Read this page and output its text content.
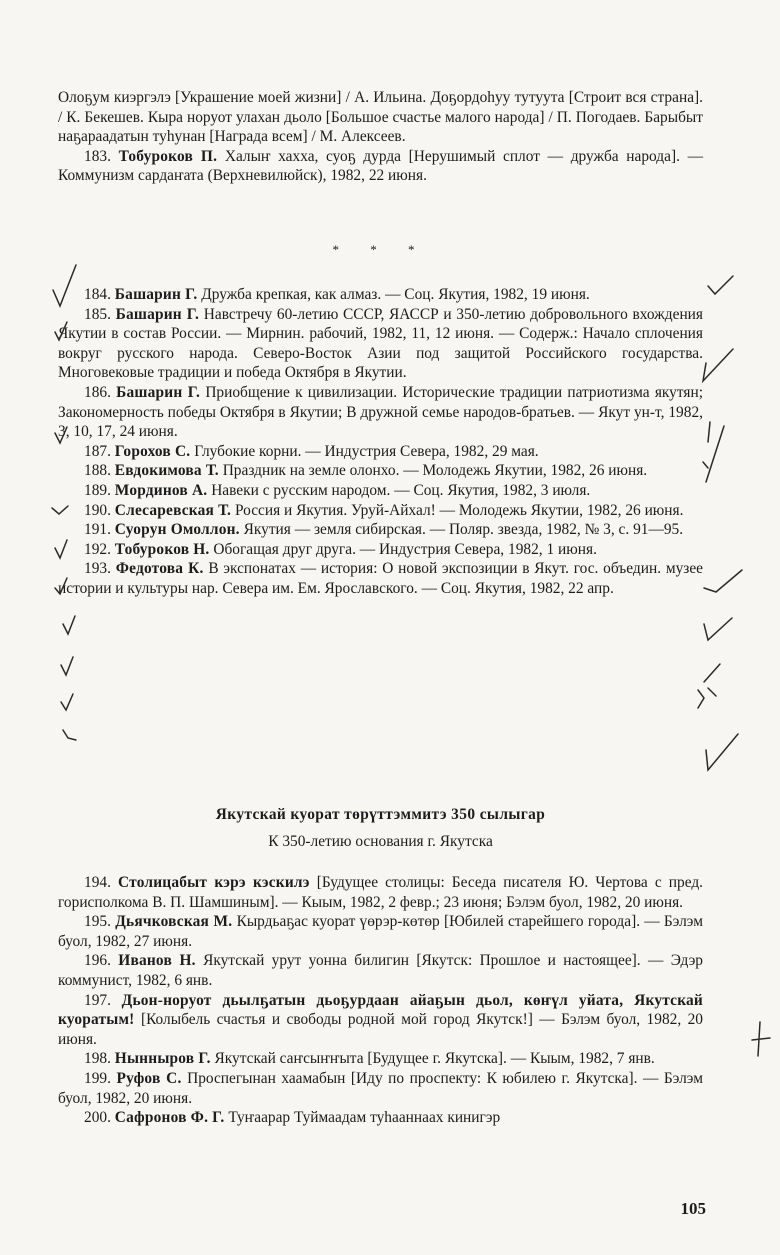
Олоҕум киэргэлэ [Украшение моей жизни] / А. Ильина. Доҕордоһуу тутуута [Строит вся страна]. / К. Бекешев. Кыра норуот улахан дьоло [Большое счастье малого народа] / П. Погодаев. Барыбыт наҕараадатын туһунан [Награда всем] / М. Алексеев.

183. Тобуроков П. Халыҥ хахха, суоҕ дурда [Нерушимый сплот — дружба народа]. — Коммунизм сардаҥата (Верхневилюйск), 1982, 22 июня.

* * *

184. Башарин Г. Дружба крепкая, как алмаз. — Соц. Якутия, 1982, 19 июня.

185. Башарин Г. Навстречу 60-летию СССР, ЯАССР и 350-летию добровольного вхождения Якутии в состав России. — Мирнин. рабочий, 1982, 11, 12 июня. — Содерж.: Начало сплочения вокруг русского народа. Северо-Восток Азии под защитой Российского государства. Многовековые традиции и победа Октября в Якутии.

186. Башарин Г. Приобщение к цивилизации. Исторические традиции патриотизма якутян; Закономерность победы Октября в Якутии; В дружной семье народов-братьев. — Якут ун-т, 1982, 3, 10, 17, 24 июня.

187. Горохов С. Глубокие корни. — Индустрия Севера, 1982, 29 мая.

188. Евдокимова Т. Праздник на земле олонхо. — Молодежь Якутии, 1982, 26 июня.

189. Мординов А. Навеки с русским народом. — Соц. Якутия, 1982, 3 июля.

190. Слесаревская Т. Россия и Якутия. Уруй-Айхал! — Молодежь Якутии, 1982, 26 июня.

191. Суорун Омоллон. Якутия — земля сибирская. — Поляр. звезда, 1982, № 3, с. 91—95.

192. Тобуроков Н. Обогащая друг друга. — Индустрия Севера, 1982, 1 июня.

193. Федотова К. В экспонатах — история: О новой экспозиции в Якут. гос. объедин. музее истории и культуры нар. Севера им. Ем. Ярославского. — Соц. Якутия, 1982, 22 апр.

Якутскай куорат төрүттэммитэ 350 сылыгар
К 350-летию основания г. Якутска

194. Столицабыт кэрэ кэскилэ [Будущее столицы: Беседа писателя Ю. Чертова с пред. горисполкома В. П. Шамшиным]. — Кыым, 1982, 2 февр.; 23 июня; Бэлэм буол, 1982, 20 июня.

195. Дьячковская М. Кырдьаҕас куорат үөрэр-көтөр [Юбилей старейшего города]. — Бэлэм буол, 1982, 27 июня.

196. Иванов Н. Якутскай урут уонна билигин [Якутск: Прошлое и настоящее]. — Эдэр коммунист, 1982, 6 янв.

197. Дьон-норуот дьылҕатын дьоҕурдаан айаҕын дьол, көҥүл уйата, Якутскай куоратым! [Колыбель счастья и свободы родной мой город Якутск!] — Бэлэм буол, 1982, 20 июня.

198. Нынныров Г. Якутскай саҥсыҥҥыта [Будущее г. Якутска]. — Кыым, 1982, 7 янв.

199. Руфов С. Проспегынан хаамабын [Иду по проспекту: К юбилею г. Якутска]. — Бэлэм буол, 1982, 20 июня.

200. Сафронов Ф. Г. Туҥаарар Туймаадам туһааннаах кинигэр

105
